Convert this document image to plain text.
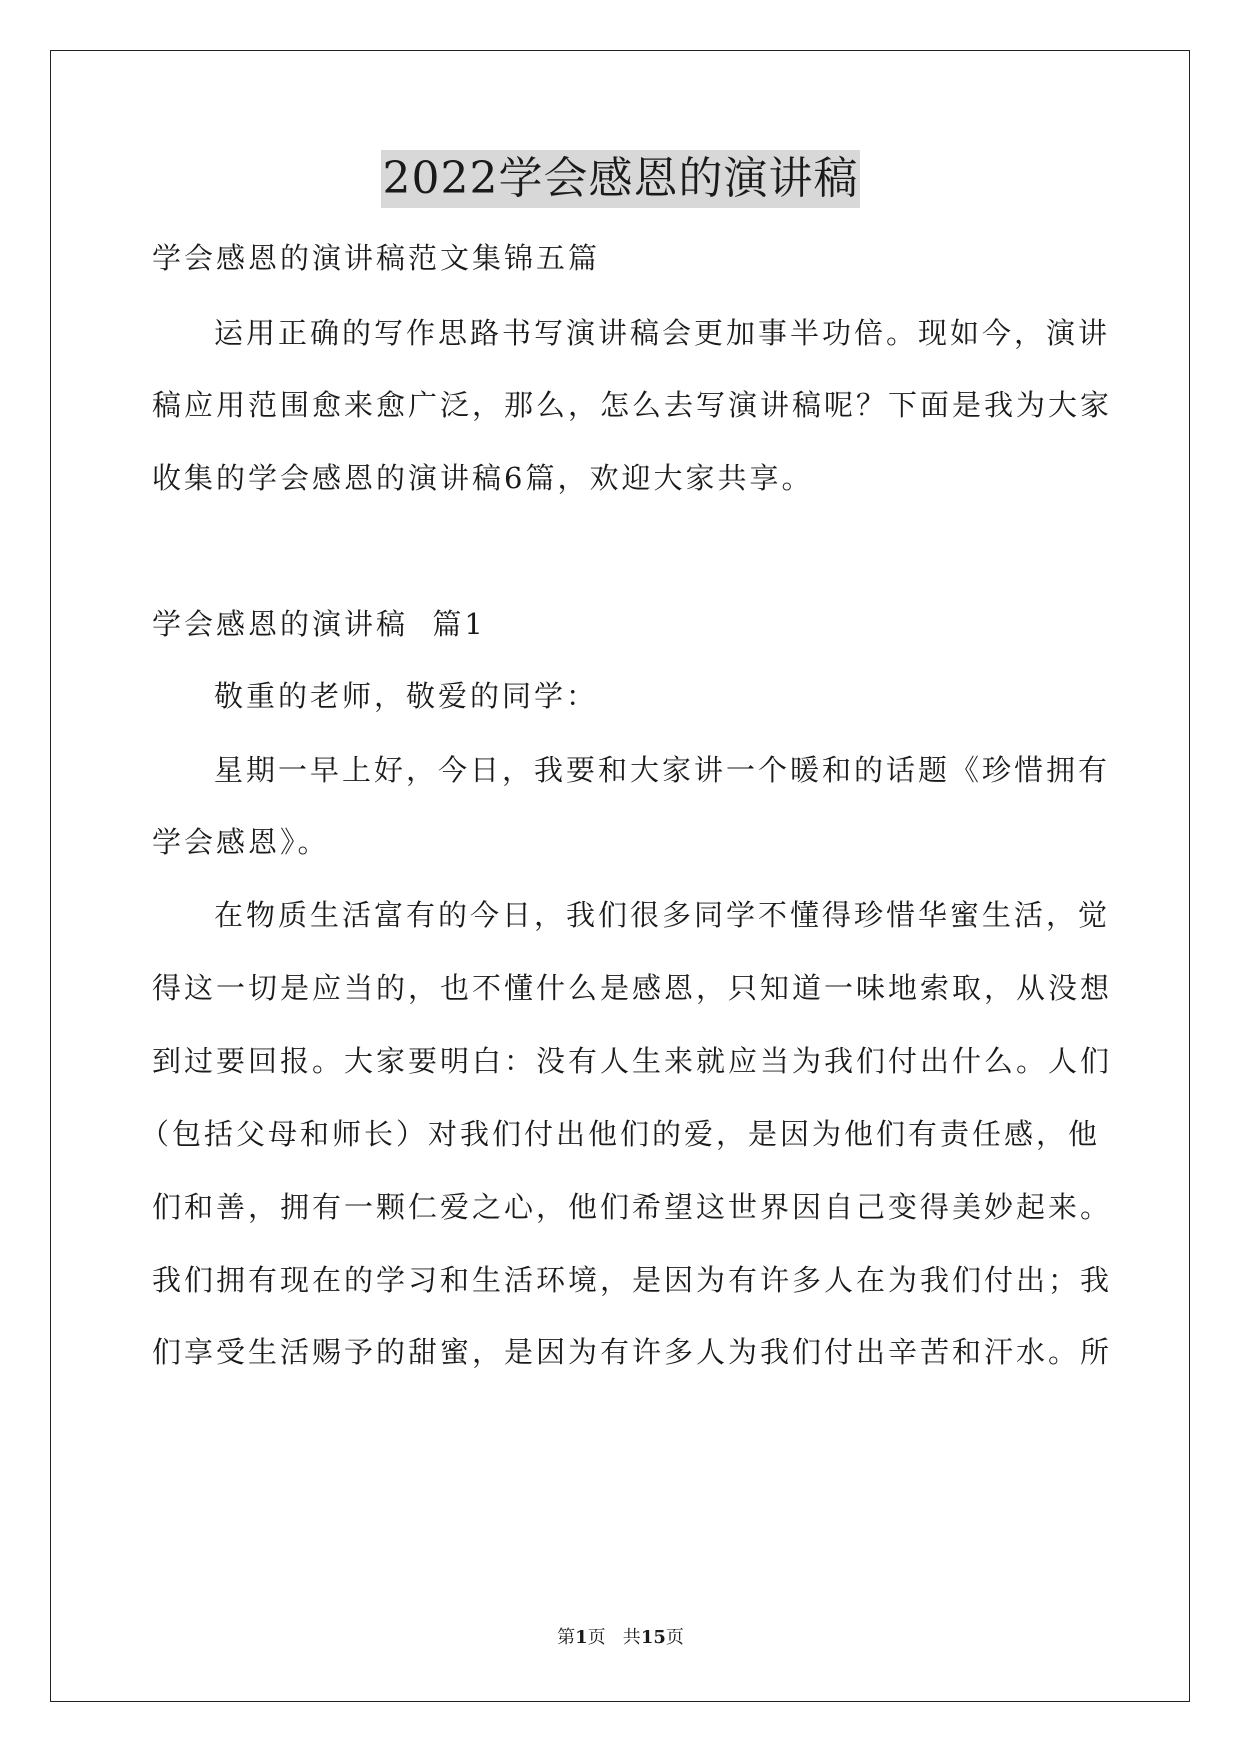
2022学会感恩的演讲稿
学会感恩的演讲稿范文集锦五篇
运用正确的写作思路书写演讲稿会更加事半功倍。现如今，演讲
稿应用范围愈来愈广泛，那么，怎么去写演讲稿呢？下面是我为大家
收集的学会感恩的演讲稿6篇，欢迎大家共享。
学会感恩的演讲稿  篇1
敬重的老师，敬爱的同学：
星期一早上好，今日，我要和大家讲一个暖和的话题《珍惜拥有
学会感恩》。
在物质生活富有的今日，我们很多同学不懂得珍惜华蜜生活，觉
得这一切是应当的，也不懂什么是感恩，只知道一味地索取，从没想
到过要回报。大家要明白：没有人生来就应当为我们付出什么。人们
（包括父母和师长）对我们付出他们的爱，是因为他们有责任感，他
们和善，拥有一颗仁爱之心，他们希望这世界因自己变得美妙起来。
我们拥有现在的学习和生活环境，是因为有许多人在为我们付出；我
们享受生活赐予的甜蜜，是因为有许多人为我们付出辛苦和汗水。所
第1页   共15页
